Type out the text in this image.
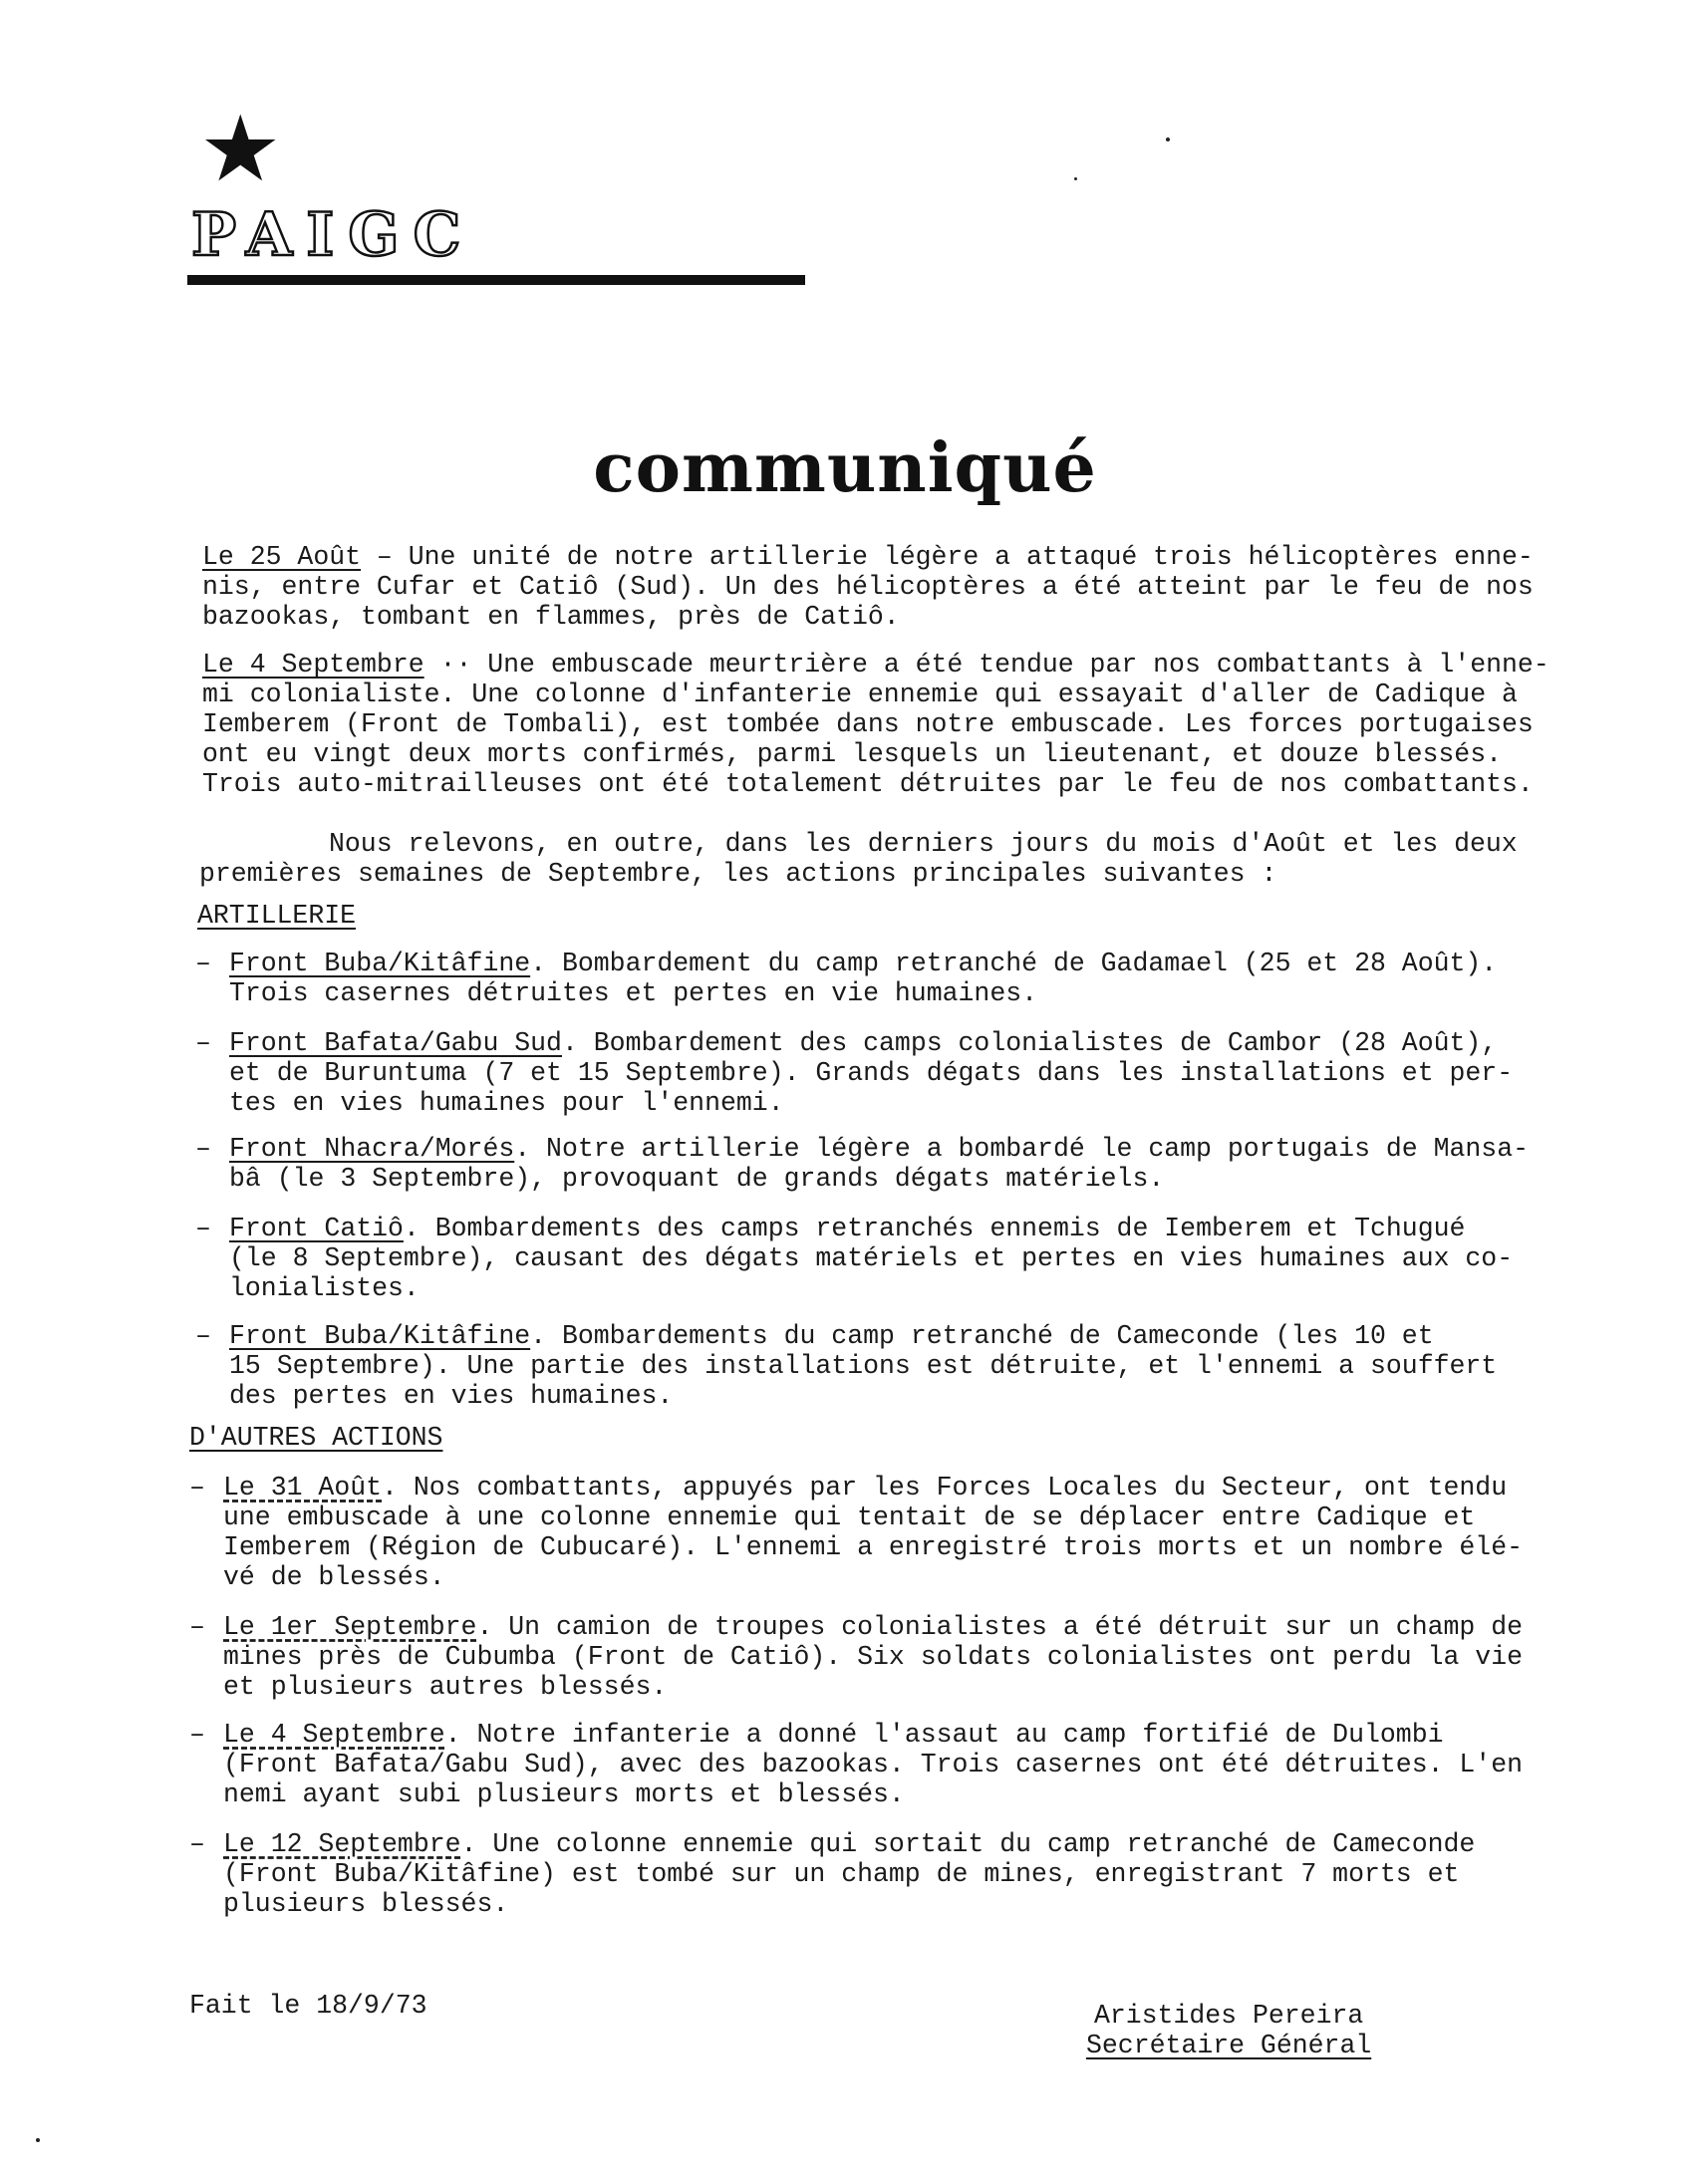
★
PAIGC
communiqué
Le 25 Août – Une unité de notre artillerie légère a attaqué trois hélicoptères enne-
nis, entre Cufar et Catiô (Sud). Un des hélicoptères a été atteint par le feu de nos
bazookas, tombant en flammes, près de Catiô.
Le 4 Septembre ·· Une embuscade meurtrière a été tendue par nos combattants à l'enne-
mi colonialiste. Une colonne d'infanterie ennemie qui essayait d'aller de Cadique à
Iemberem (Front de Tombali), est tombée dans notre embuscade. Les forces portugaises
ont eu vingt deux morts confirmés, parmi lesquels un lieutenant, et douze blessés.
Trois auto-mitrailleuses ont été totalement détruites par le feu de nos combattants.
Nous relevons, en outre, dans les derniers jours du mois d'Août et les deux
premières semaines de Septembre, les actions principales suivantes :
ARTILLERIE
– Front Buba/Kitâfine. Bombardement du camp retranché de Gadamael (25 et 28 Août).
Trois casernes détruites et pertes en vie humaines.
– Front Bafata/Gabu Sud. Bombardement des camps colonialistes de Cambor (28 Août),
et de Buruntuma (7 et 15 Septembre). Grands dégats dans les installations et per-
tes en vies humaines pour l'ennemi.
– Front Nhacra/Morés. Notre artillerie légère a bombardé le camp portugais de Mansa-
bâ (le 3 Septembre), provoquant de grands dégats matériels.
– Front Catiô. Bombardements des camps retranchés ennemis de Iemberem et Tchugué
(le 8 Septembre), causant des dégats matériels et pertes en vies humaines aux co-
lonialistes.
– Front Buba/Kitâfine. Bombardements du camp retranché de Cameconde (les 10 et
15 Septembre). Une partie des installations est détruite, et l'ennemi a souffert
des pertes en vies humaines.
D'AUTRES ACTIONS
– Le 31 Août. Nos combattants, appuyés par les Forces Locales du Secteur, ont tendu
une embuscade à une colonne ennemie qui tentait de se déplacer entre Cadique et
Iemberem (Région de Cubucaré). L'ennemi a enregistré trois morts et un nombre élé-
vé de blessés.
– Le 1er Septembre. Un camion de troupes colonialistes a été détruit sur un champ de
mines près de Cubumba (Front de Catiô). Six soldats colonialistes ont perdu la vie
et plusieurs autres blessés.
– Le 4 Septembre. Notre infanterie a donné l'assaut au camp fortifié de Dulombi
(Front Bafata/Gabu Sud), avec des bazookas. Trois casernes ont été détruites. L'en
nemi ayant subi plusieurs morts et blessés.
– Le 12 Septembre. Une colonne ennemie qui sortait du camp retranché de Cameconde
(Front Buba/Kitâfine) est tombé sur un champ de mines, enregistrant 7 morts et
plusieurs blessés.
Fait le 18/9/73	Aristides Pereira
Secrétaire Général
